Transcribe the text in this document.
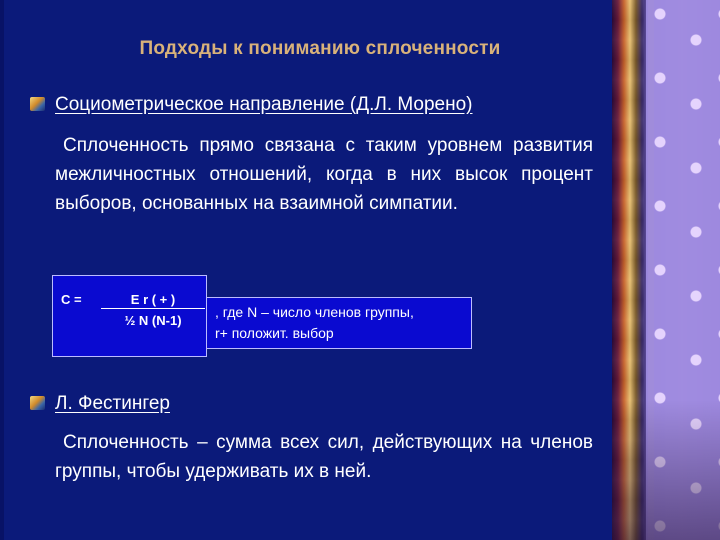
Подходы к пониманию сплоченности
Социометрическое направление (Д.Л. Морено)
Сплоченность прямо связана с таким уровнем развития межличностных отношений, когда в них высок процент выборов, основанных на взаимной симпатии.
С =	Е r ( + )
½ N (N-1)
, где N – число членов группы,
r+ положит. выбор
Л. Фестингер
Сплоченность – сумма всех сил, действующих на членов группы, чтобы удерживать их в ней.
